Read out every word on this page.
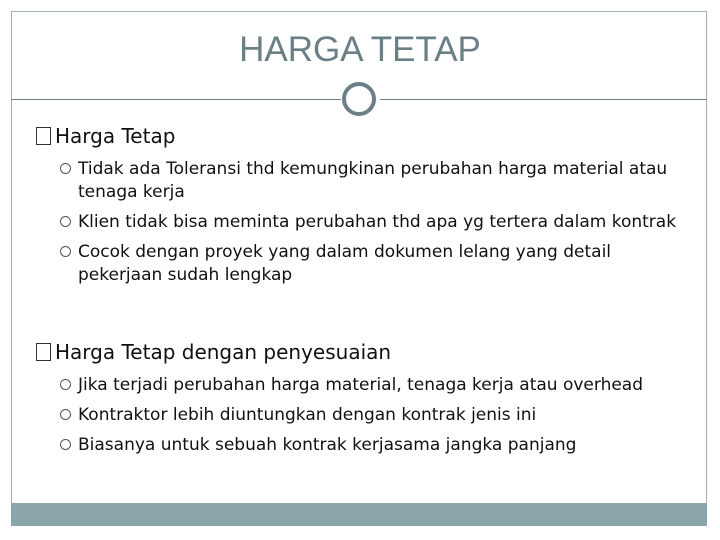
HARGA TETAP
Harga Tetap
Tidak ada Toleransi thd kemungkinan perubahan harga material atau tenaga kerja
Klien tidak bisa meminta perubahan thd apa yg tertera dalam kontrak
Cocok dengan proyek yang dalam dokumen lelang yang detail pekerjaan sudah lengkap
Harga Tetap dengan penyesuaian
Jika terjadi perubahan harga material, tenaga kerja atau overhead
Kontraktor lebih diuntungkan dengan kontrak jenis ini
Biasanya untuk sebuah kontrak kerjasama jangka panjang
